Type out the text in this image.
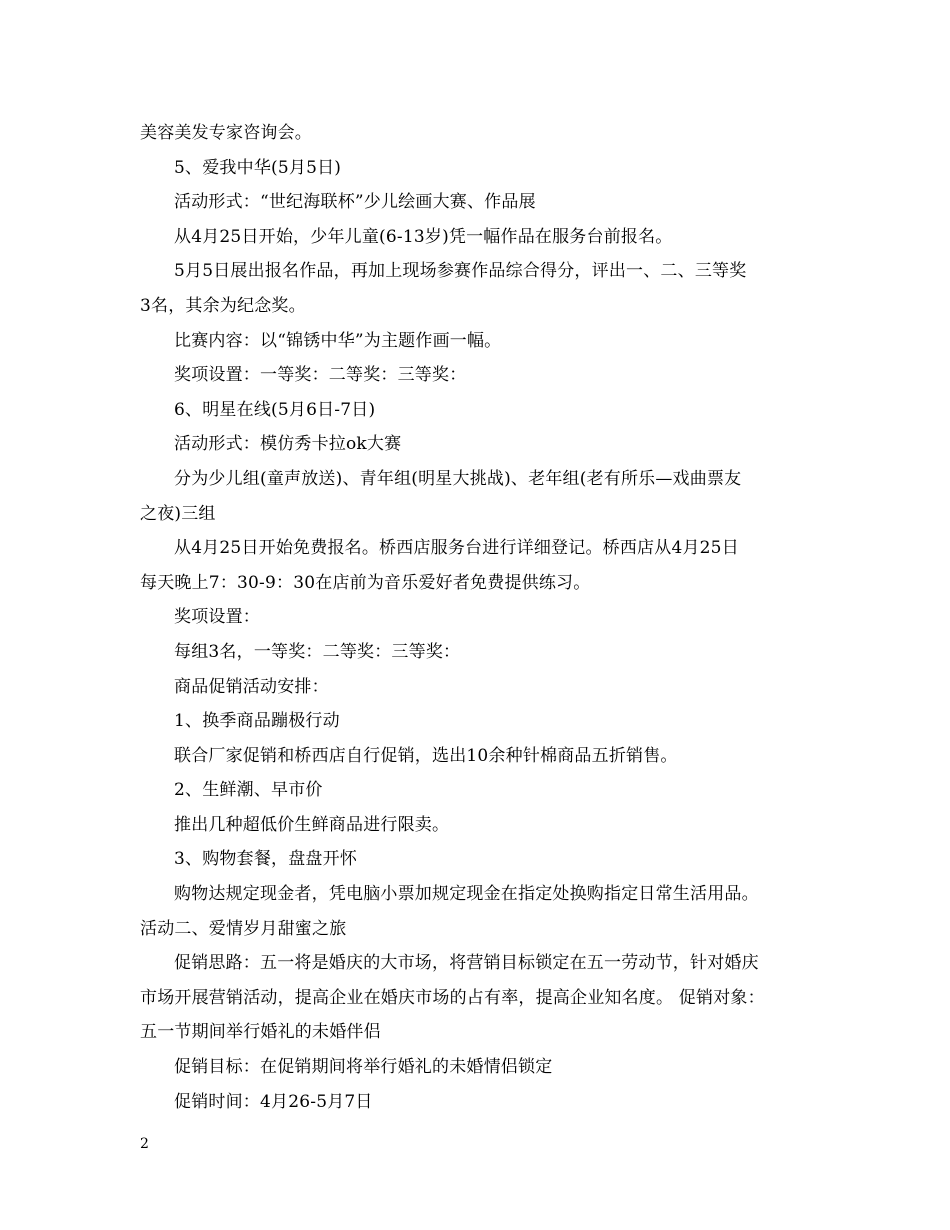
美容美发专家咨询会。
5、爱我中华(5月5日)
活动形式：“世纪海联杯”少儿绘画大赛、作品展
从4月25日开始，少年儿童(6-13岁)凭一幅作品在服务台前报名。
5月5日展出报名作品，再加上现场参赛作品综合得分，评出一、二、三等奖
3名，其余为纪念奖。
比赛内容：以“锦锈中华”为主题作画一幅。
奖项设置：一等奖：二等奖：三等奖：
6、明星在线(5月6日-7日)
活动形式：模仿秀卡拉ok大赛
分为少儿组(童声放送)、青年组(明星大挑战)、老年组(老有所乐—戏曲票友
之夜)三组
从4月25日开始免费报名。桥西店服务台进行详细登记。桥西店从4月25日
每天晚上7：30-9：30在店前为音乐爱好者免费提供练习。
奖项设置：
每组3名，一等奖：二等奖：三等奖：
商品促销活动安排：
1、换季商品蹦极行动
联合厂家促销和桥西店自行促销，选出10余种针棉商品五折销售。
2、生鲜潮、早市价
推出几种超低价生鲜商品进行限卖。
3、购物套餐，盘盘开怀
购物达规定现金者，凭电脑小票加规定现金在指定处换购指定日常生活用品。
活动二、爱情岁月甜蜜之旅
促销思路：五一将是婚庆的大市场，将营销目标锁定在五一劳动节，针对婚庆
市场开展营销活动，提高企业在婚庆市场的占有率，提高企业知名度。 促销对象：
五一节期间举行婚礼的未婚伴侣
促销目标：在促销期间将举行婚礼的未婚情侣锁定
促销时间：4月26-5月7日
2
